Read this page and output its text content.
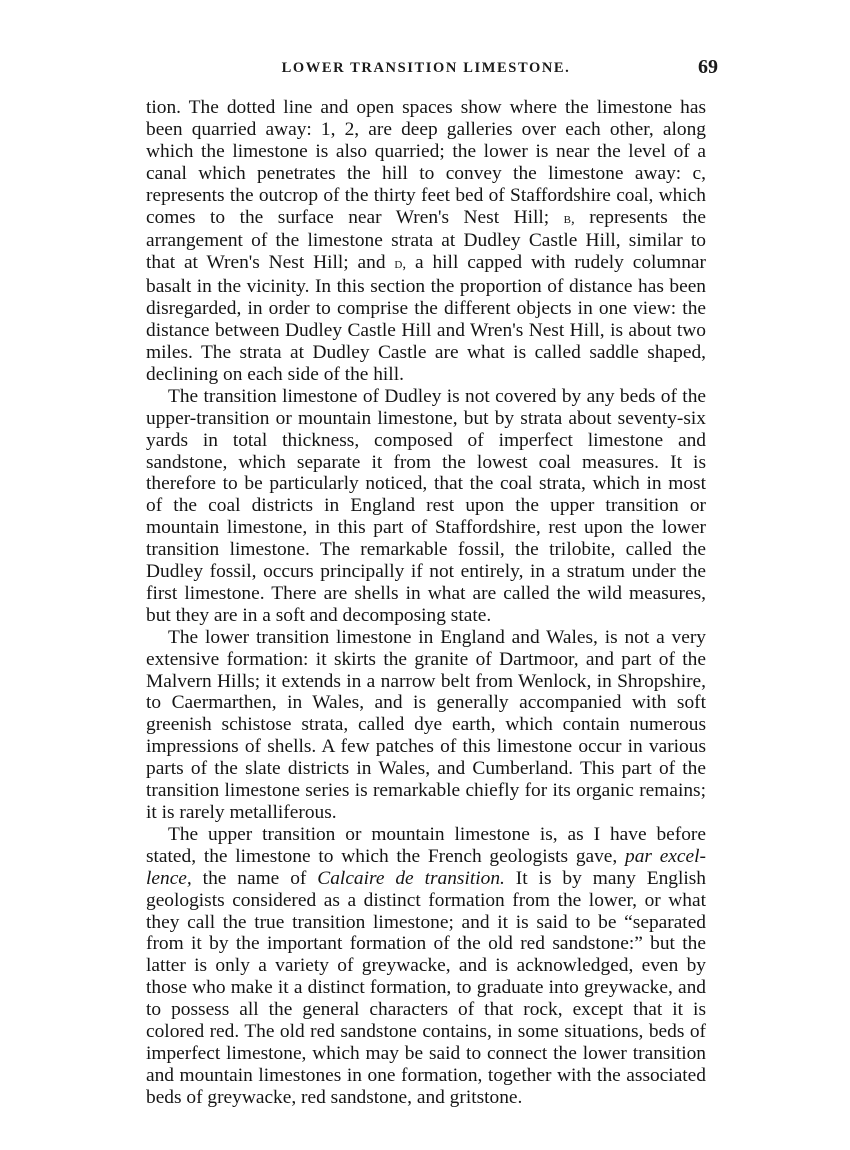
LOWER TRANSITION LIMESTONE.	69

tion. The dotted line and open spaces show where the limestone has been quarried away: 1, 2, are deep galleries over each other, along which the limestone is also quarried; the lower is near the level of a canal which penetrates the hill to convey the limestone away: c, represents the outcrop of the thirty feet bed of Staffordshire coal, which comes to the surface near Wren's Nest Hill; b, represents the arrangement of the limestone strata at Dudley Castle Hill, similar to that at Wren's Nest Hill; and d, a hill capped with rudely columnar basalt in the vicinity. In this section the proportion of distance has been disregarded, in order to comprise the different objects in one view: the distance between Dudley Castle Hill and Wren's Nest Hill, is about two miles. The strata at Dudley Castle are what is called saddle shaped, declining on each side of the hill.

The transition limestone of Dudley is not covered by any beds of the upper-transition or mountain limestone, but by strata about seventy-six yards in total thickness, composed of imperfect limestone and sandstone, which separate it from the lowest coal measures. It is therefore to be particularly noticed, that the coal strata, which in most of the coal districts in England rest upon the upper transition or mountain limestone, in this part of Staffordshire, rest upon the lower transition limestone. The remarkable fossil, the trilobite, called the Dudley fossil, occurs principally if not entirely, in a stratum under the first limestone. There are shells in what are called the wild measures, but they are in a soft and decomposing state.

The lower transition limestone in England and Wales, is not a very extensive formation: it skirts the granite of Dartmoor, and part of the Malvern Hills; it extends in a narrow belt from Wenlock, in Shropshire, to Caermarthen, in Wales, and is generally accompanied with soft greenish schistose strata, called dye earth, which contain numerous impressions of shells. A few patches of this limestone occur in various parts of the slate districts in Wales, and Cumberland. This part of the transition limestone series is remarkable chiefly for its organic remains; it is rarely metalliferous.

The upper transition or mountain limestone is, as I have before stated, the limestone to which the French geologists gave, par excellence, the name of Calcaire de transition. It is by many English geologists considered as a distinct formation from the lower, or what they call the true transition limestone; and it is said to be “separated from it by the important formation of the old red sandstone:” but the latter is only a variety of greywacke, and is acknowledged, even by those who make it a distinct formation, to graduate into greywacke, and to possess all the general characters of that rock, except that it is colored red. The old red sandstone contains, in some situations, beds of imperfect limestone, which may be said to connect the lower transition and mountain limestones in one formation, together with the associated beds of greywacke, red sandstone, and gritstone.
